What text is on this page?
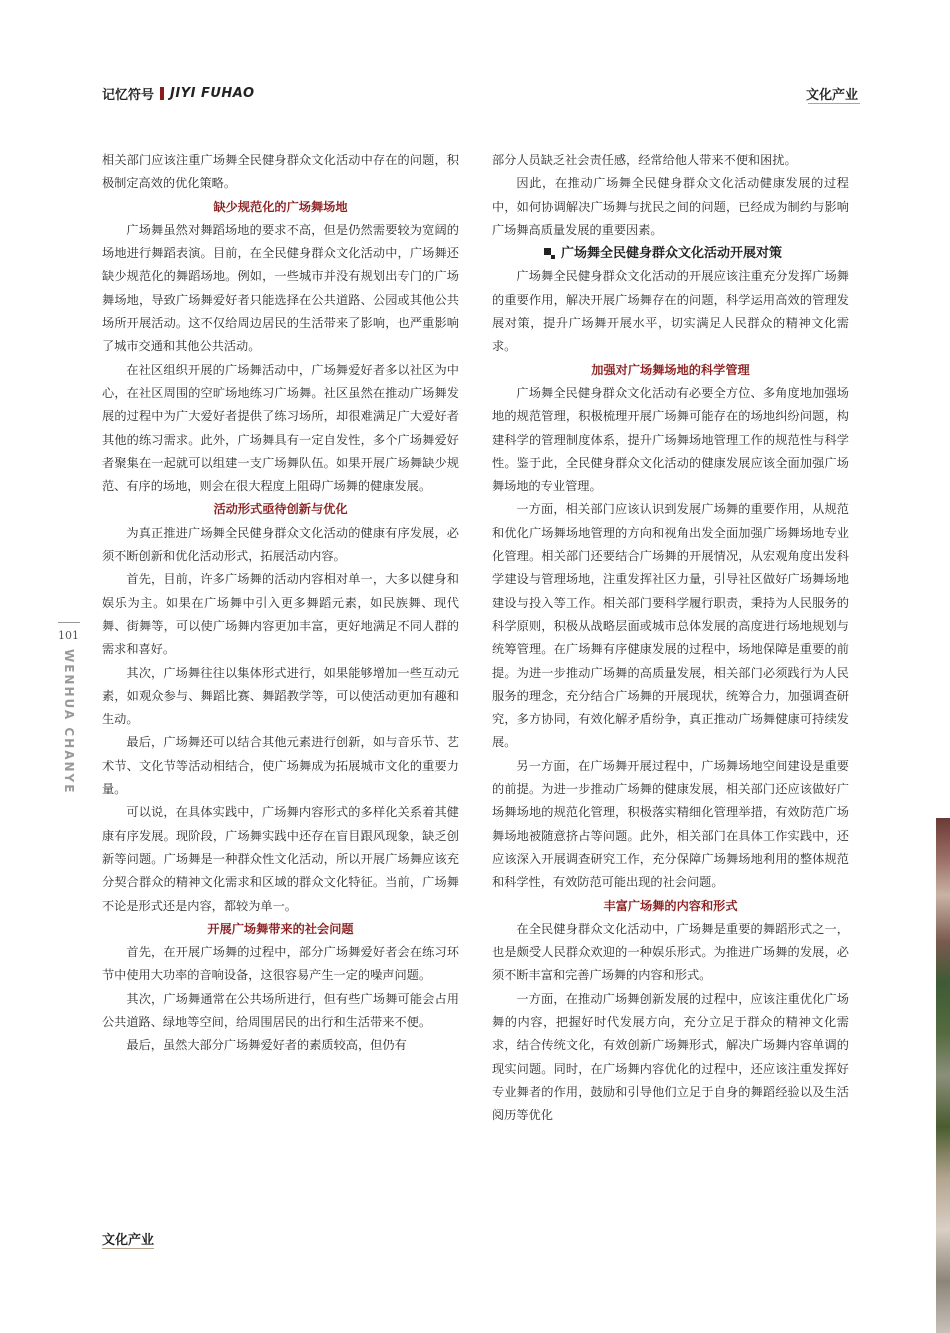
记忆符号 JIYI FUHAO	文化产业
101
WENHUA CHANYE

相关部门应该注重广场舞全民健身群众文化活动中存在的问题，积极制定高效的优化策略。

缺少规范化的广场舞场地

广场舞虽然对舞蹈场地的要求不高，但是仍然需要较为宽阔的场地进行舞蹈表演。目前，在全民健身群众文化活动中，广场舞还缺少规范化的舞蹈场地。例如，一些城市并没有规划出专门的广场舞场地，导致广场舞爱好者只能选择在公共道路、公园或其他公共场所开展活动。这不仅给周边居民的生活带来了影响，也严重影响了城市交通和其他公共活动。

在社区组织开展的广场舞活动中，广场舞爱好者多以社区为中心，在社区周围的空旷场地练习广场舞。社区虽然在推动广场舞发展的过程中为广大爱好者提供了练习场所，却很难满足广大爱好者其他的练习需求。此外，广场舞具有一定自发性，多个广场舞爱好者聚集在一起就可以组建一支广场舞队伍。如果开展广场舞缺少规范、有序的场地，则会在很大程度上阻碍广场舞的健康发展。

活动形式亟待创新与优化

为真正推进广场舞全民健身群众文化活动的健康有序发展，必须不断创新和优化活动形式，拓展活动内容。

首先，目前，许多广场舞的活动内容相对单一，大多以健身和娱乐为主。如果在广场舞中引入更多舞蹈元素，如民族舞、现代舞、街舞等，可以使广场舞内容更加丰富，更好地满足不同人群的需求和喜好。

其次，广场舞往往以集体形式进行，如果能够增加一些互动元素，如观众参与、舞蹈比赛、舞蹈教学等，可以使活动更加有趣和生动。

最后，广场舞还可以结合其他元素进行创新，如与音乐节、艺术节、文化节等活动相结合，使广场舞成为拓展城市文化的重要力量。

可以说，在具体实践中，广场舞内容形式的多样化关系着其健康有序发展。现阶段，广场舞实践中还存在盲目跟风现象，缺乏创新等问题。广场舞是一种群众性文化活动，所以开展广场舞应该充分契合群众的精神文化需求和区域的群众文化特征。当前，广场舞不论是形式还是内容，都较为单一。

开展广场舞带来的社会问题

首先，在开展广场舞的过程中，部分广场舞爱好者会在练习环节中使用大功率的音响设备，这很容易产生一定的噪声问题。

其次，广场舞通常在公共场所进行，但有些广场舞可能会占用公共道路、绿地等空间，给周围居民的出行和生活带来不便。

最后，虽然大部分广场舞爱好者的素质较高，但仍有

部分人员缺乏社会责任感，经常给他人带来不便和困扰。

因此，在推动广场舞全民健身群众文化活动健康发展的过程中，如何协调解决广场舞与扰民之间的问题，已经成为制约与影响广场舞高质量发展的重要因素。

广场舞全民健身群众文化活动开展对策

广场舞全民健身群众文化活动的开展应该注重充分发挥广场舞的重要作用，解决开展广场舞存在的问题，科学运用高效的管理发展对策，提升广场舞开展水平，切实满足人民群众的精神文化需求。

加强对广场舞场地的科学管理

广场舞全民健身群众文化活动有必要全方位、多角度地加强场地的规范管理，积极梳理开展广场舞可能存在的场地纠纷问题，构建科学的管理制度体系，提升广场舞场地管理工作的规范性与科学性。鉴于此，全民健身群众文化活动的健康发展应该全面加强广场舞场地的专业管理。

一方面，相关部门应该认识到发展广场舞的重要作用，从规范和优化广场舞场地管理的方向和视角出发全面加强广场舞场地专业化管理。相关部门还要结合广场舞的开展情况，从宏观角度出发科学建设与管理场地，注重发挥社区力量，引导社区做好广场舞场地建设与投入等工作。相关部门要科学履行职责，秉持为人民服务的科学原则，积极从战略层面或城市总体发展的高度进行场地规划与统筹管理。在广场舞有序健康发展的过程中，场地保障是重要的前提。为进一步推动广场舞的高质量发展，相关部门必须践行为人民服务的理念，充分结合广场舞的开展现状，统筹合力，加强调查研究，多方协同，有效化解矛盾纷争，真正推动广场舞健康可持续发展。

另一方面，在广场舞开展过程中，广场舞场地空间建设是重要的前提。为进一步推动广场舞的健康发展，相关部门还应该做好广场舞场地的规范化管理，积极落实精细化管理举措，有效防范广场舞场地被随意挤占等问题。此外，相关部门在具体工作实践中，还应该深入开展调查研究工作，充分保障广场舞场地利用的整体规范和科学性，有效防范可能出现的社会问题。

丰富广场舞的内容和形式

在全民健身群众文化活动中，广场舞是重要的舞蹈形式之一，也是颇受人民群众欢迎的一种娱乐形式。为推进广场舞的发展，必须不断丰富和完善广场舞的内容和形式。

一方面，在推动广场舞创新发展的过程中，应该注重优化广场舞的内容，把握好时代发展方向，充分立足于群众的精神文化需求，结合传统文化，有效创新广场舞形式，解决广场舞内容单调的现实问题。同时，在广场舞内容优化的过程中，还应该注重发挥好专业舞者的作用，鼓励和引导他们立足于自身的舞蹈经验以及生活阅历等优化

文化产业
